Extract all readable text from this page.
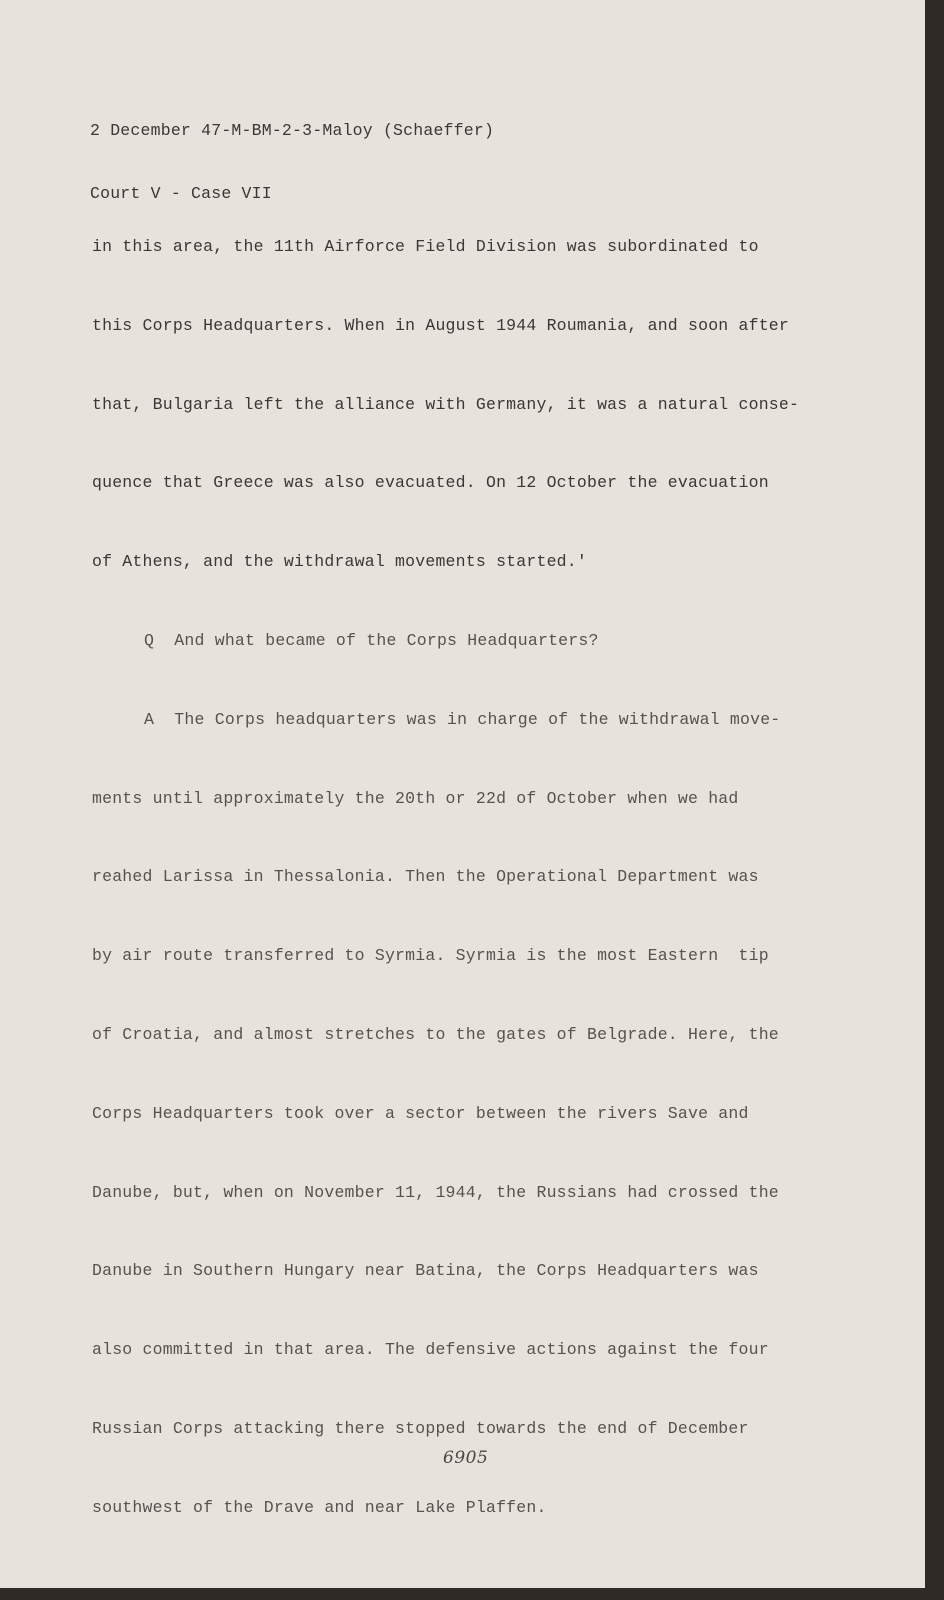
2 December 47-M-BM-2-3-Maloy (Schaeffer)

Court V - Case VII

in this area, the 11th Airforce Field Division was subordinated to

this Corps Headquarters. When in August 1944 Roumania, and soon after

that, Bulgaria left the alliance with Germany, it was a natural conse-

quence that Greece was also evacuated. On 12 October the evacuation

of Athens, and the withdrawal movements started.'

Q  And what became of the Corps Headquarters?

A  The Corps headquarters was in charge of the withdrawal move-

ments until approximately the 20th or 22d of October when we had

reahed Larissa in Thessalonia. Then the Operational Department was

by air route transferred to Syrmia. Syrmia is the most Eastern  tip

of Croatia, and almost stretches to the gates of Belgrade. Here, the

Corps Headquarters took over a sector between the rivers Save and

Danube, but, when on November 11, 1944, the Russians had crossed the

Danube in Southern Hungary near Batina, the Corps Headquarters was

also committed in that area. The defensive actions against the four

Russian Corps attacking there stopped towards the end of December

southwest of the Drave and near Lake Plaffen.

6905
